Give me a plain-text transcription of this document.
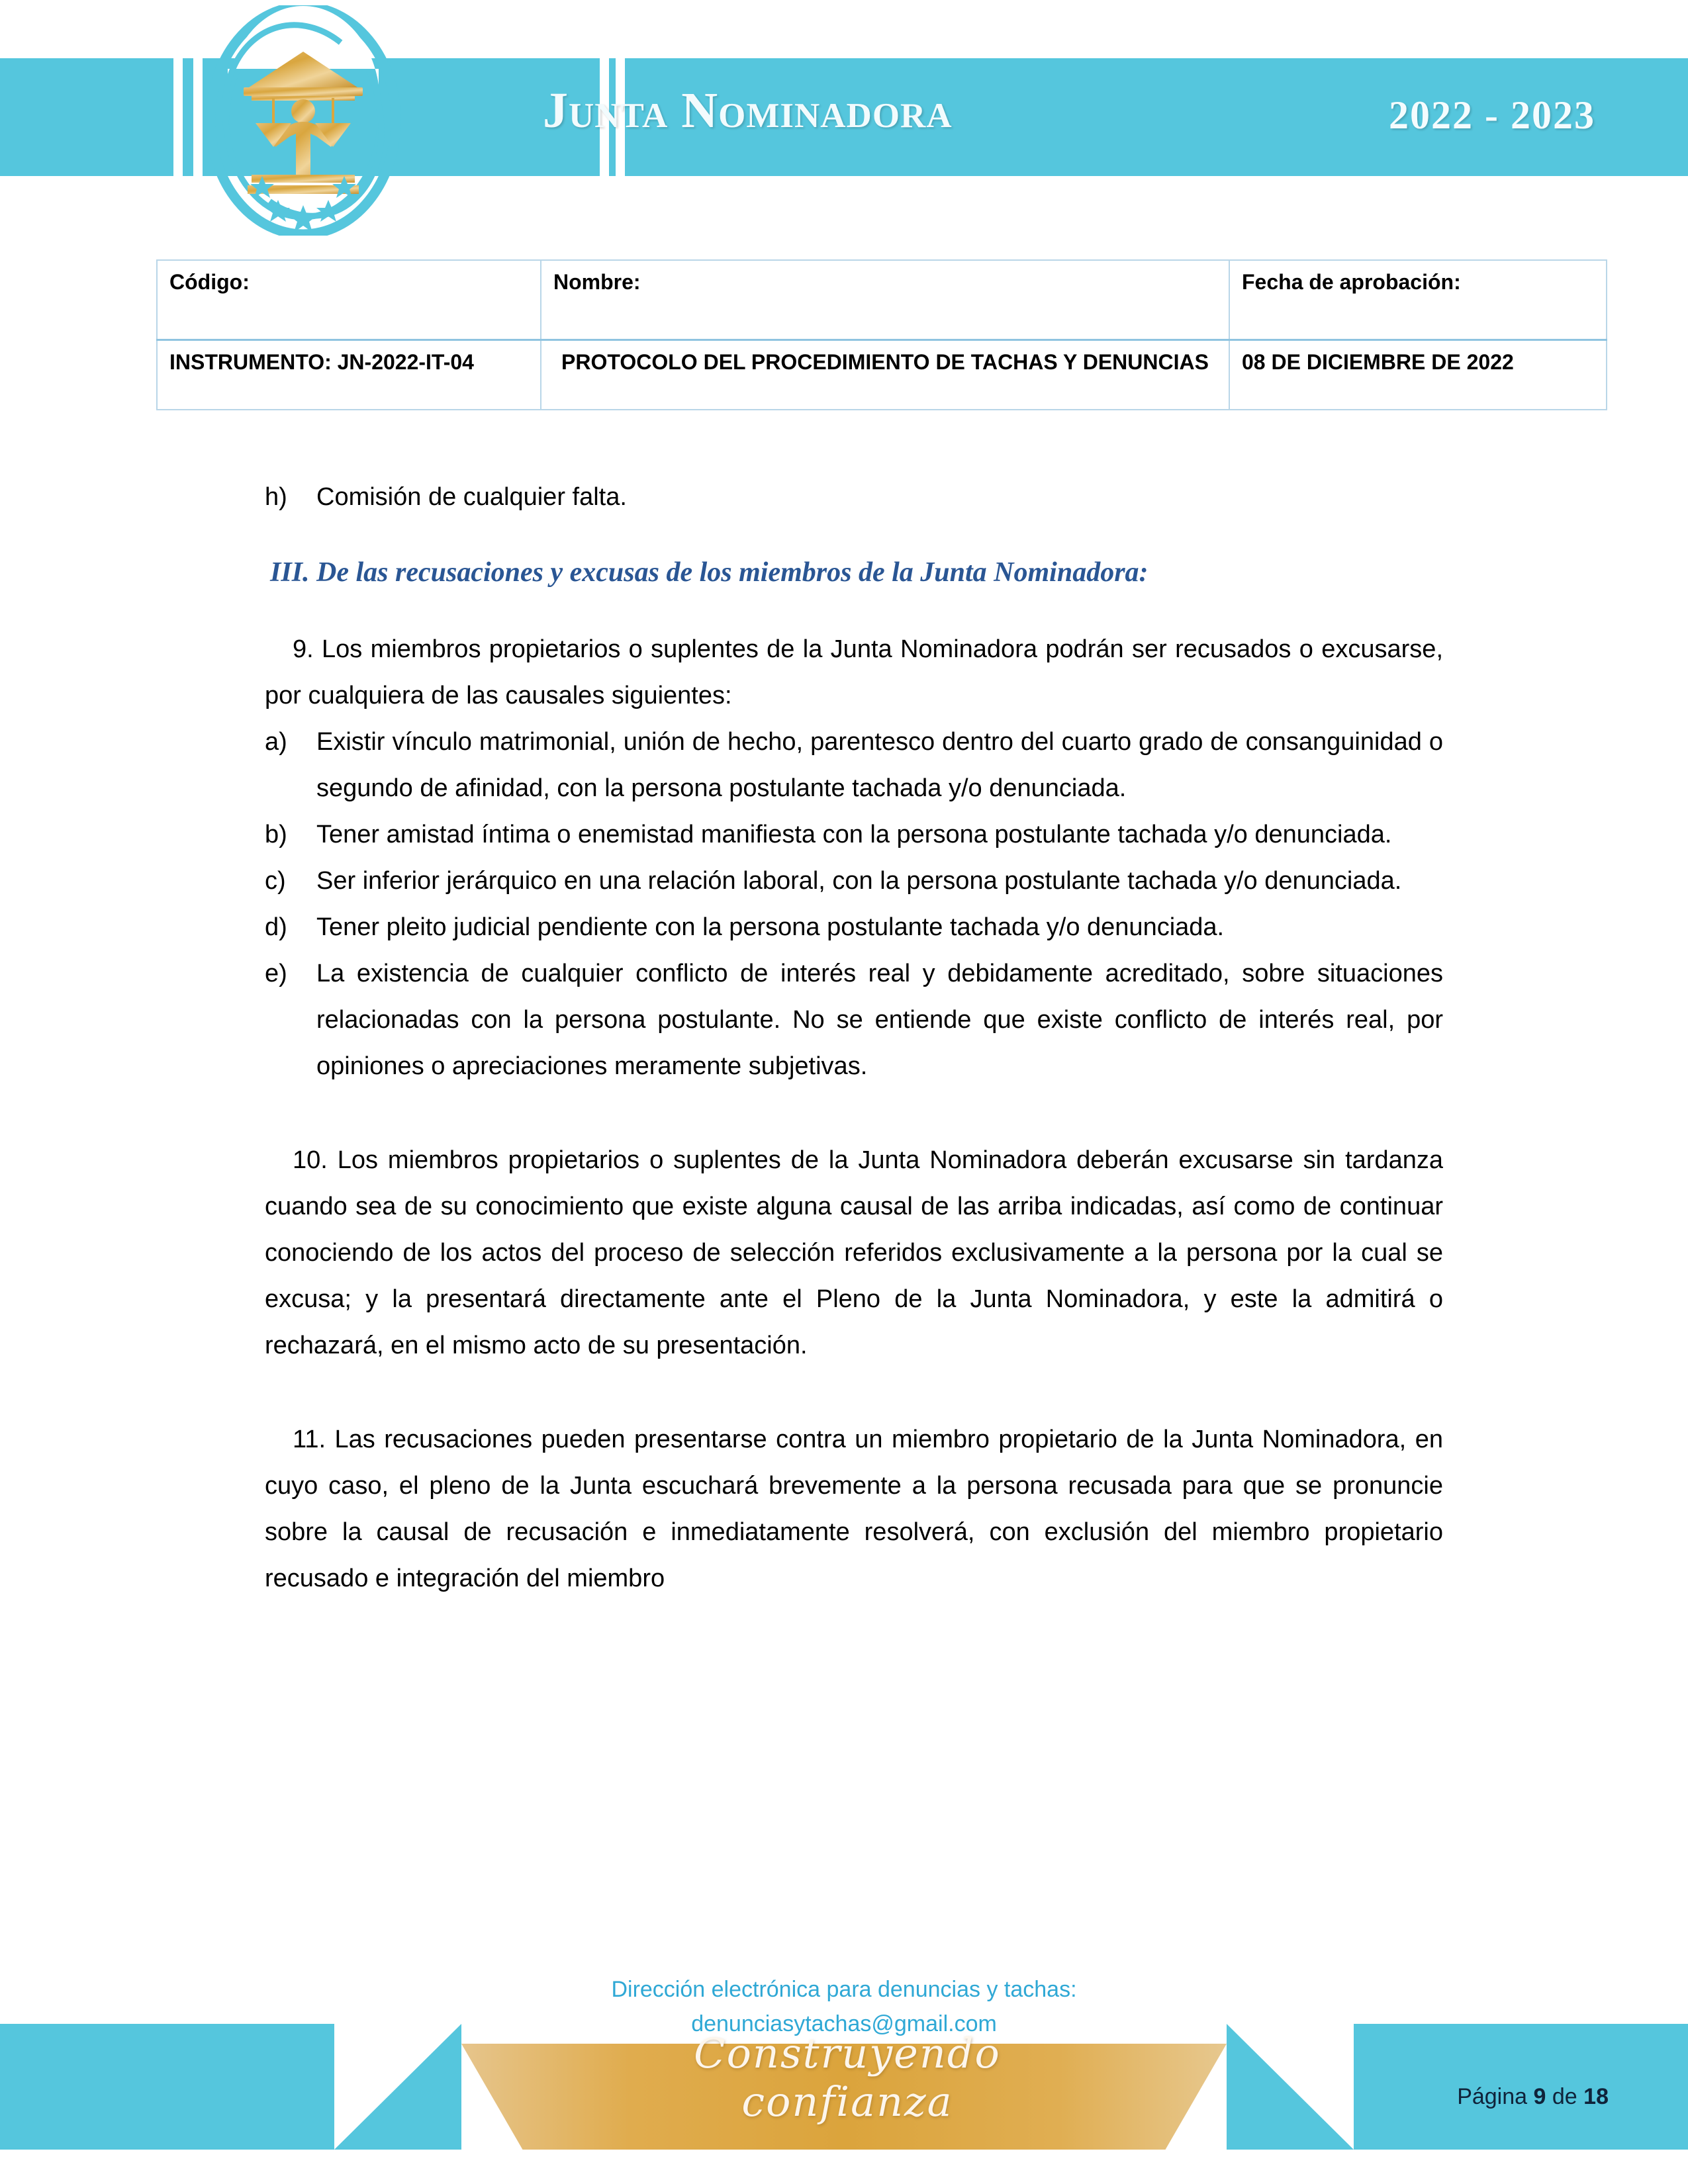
Junta Nominadora	2022 - 2023
Código:	Nombre:	Fecha de aprobación:
INSTRUMENTO: JN-2022-IT-04	PROTOCOLO DEL PROCEDIMIENTO DE TACHAS Y DENUNCIAS	08 DE DICIEMBRE DE 2022
h)	Comisión de cualquier falta.
III. De las recusaciones y excusas de los miembros de la Junta Nominadora:
9. Los miembros propietarios o suplentes de la Junta Nominadora podrán ser recusados o excusarse, por cualquiera de las causales siguientes:
a)	Existir vínculo matrimonial, unión de hecho, parentesco dentro del cuarto grado de consanguinidad o segundo de afinidad, con la persona postulante tachada y/o denunciada.
b)	Tener amistad íntima o enemistad manifiesta con la persona postulante tachada y/o denunciada.
c)	Ser inferior jerárquico en una relación laboral, con la persona postulante tachada y/o denunciada.
d)	Tener pleito judicial pendiente con la persona postulante tachada y/o denunciada.
e)	La existencia de cualquier conflicto de interés real y debidamente acreditado, sobre situaciones relacionadas con la persona postulante. No se entiende que existe conflicto de interés real, por opiniones o apreciaciones meramente subjetivas.
10. Los miembros propietarios o suplentes de la Junta Nominadora deberán excusarse sin tardanza cuando sea de su conocimiento que existe alguna causal de las arriba indicadas, así como de continuar conociendo de los actos del proceso de selección referidos exclusivamente a la persona por la cual se excusa; y la presentará directamente ante el Pleno de la Junta Nominadora, y este la admitirá o rechazará, en el mismo acto de su presentación.
11. Las recusaciones pueden presentarse contra un miembro propietario de la Junta Nominadora, en cuyo caso, el pleno de la Junta escuchará brevemente a la persona recusada para que se pronuncie sobre la causal de recusación e inmediatamente resolverá, con exclusión del miembro propietario recusado e integración del miembro
Construyendo confianza
Dirección electrónica para denuncias y tachas:
denunciasytachas@gmail.com
Página 9 de 18
